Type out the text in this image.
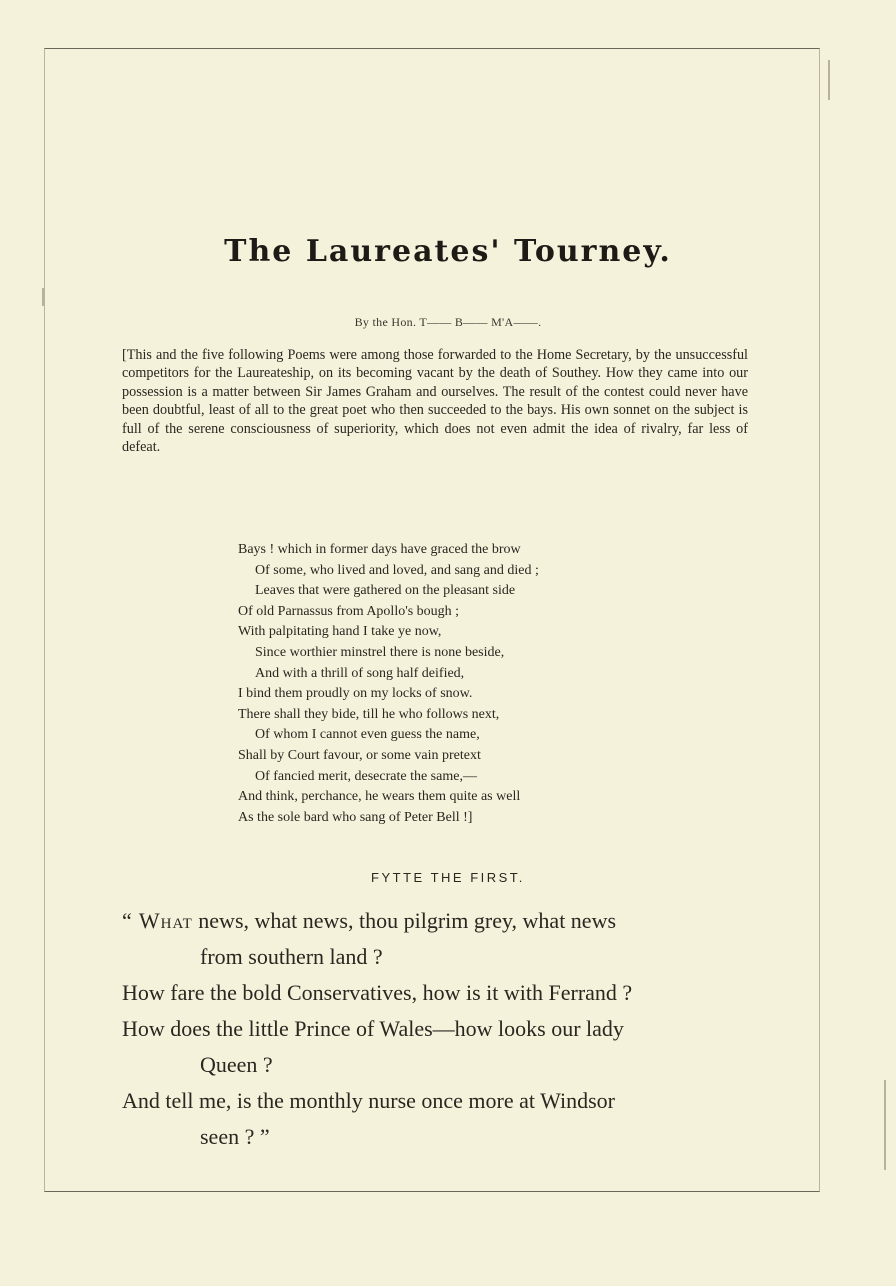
The Laureates' Tourney.
By the Hon. T—— B—— M'A——.

[This and the five following Poems were among those forwarded to the Home Secretary, by the unsuccessful competitors for the Laureateship, on its becoming vacant by the death of Southey. How they came into our possession is a matter between Sir James Graham and ourselves. The result of the contest could never have been doubtful, least of all to the great poet who then succeeded to the bays. His own sonnet on the subject is full of the serene consciousness of superiority, which does not even admit the idea of rivalry, far less of defeat.

Bays ! which in former days have graced the brow
Of some, who lived and loved, and sang and died ;
Leaves that were gathered on the pleasant side
Of old Parnassus from Apollo's bough ;
With palpitating hand I take ye now,
Since worthier minstrel there is none beside,
And with a thrill of song half deified,
I bind them proudly on my locks of snow.
There shall they bide, till he who follows next,
Of whom I cannot even guess the name,
Shall by Court favour, or some vain pretext
Of fancied merit, desecrate the same,—
And think, perchance, he wears them quite as well
As the sole bard who sang of Peter Bell !]
FYTTE THE FIRST.
“ What news, what news, thou pilgrim grey, what news
from southern land ?
How fare the bold Conservatives, how is it with Ferrand ?
How does the little Prince of Wales—how looks our lady
Queen ?
And tell me, is the monthly nurse once more at Windsor
seen ? ”
